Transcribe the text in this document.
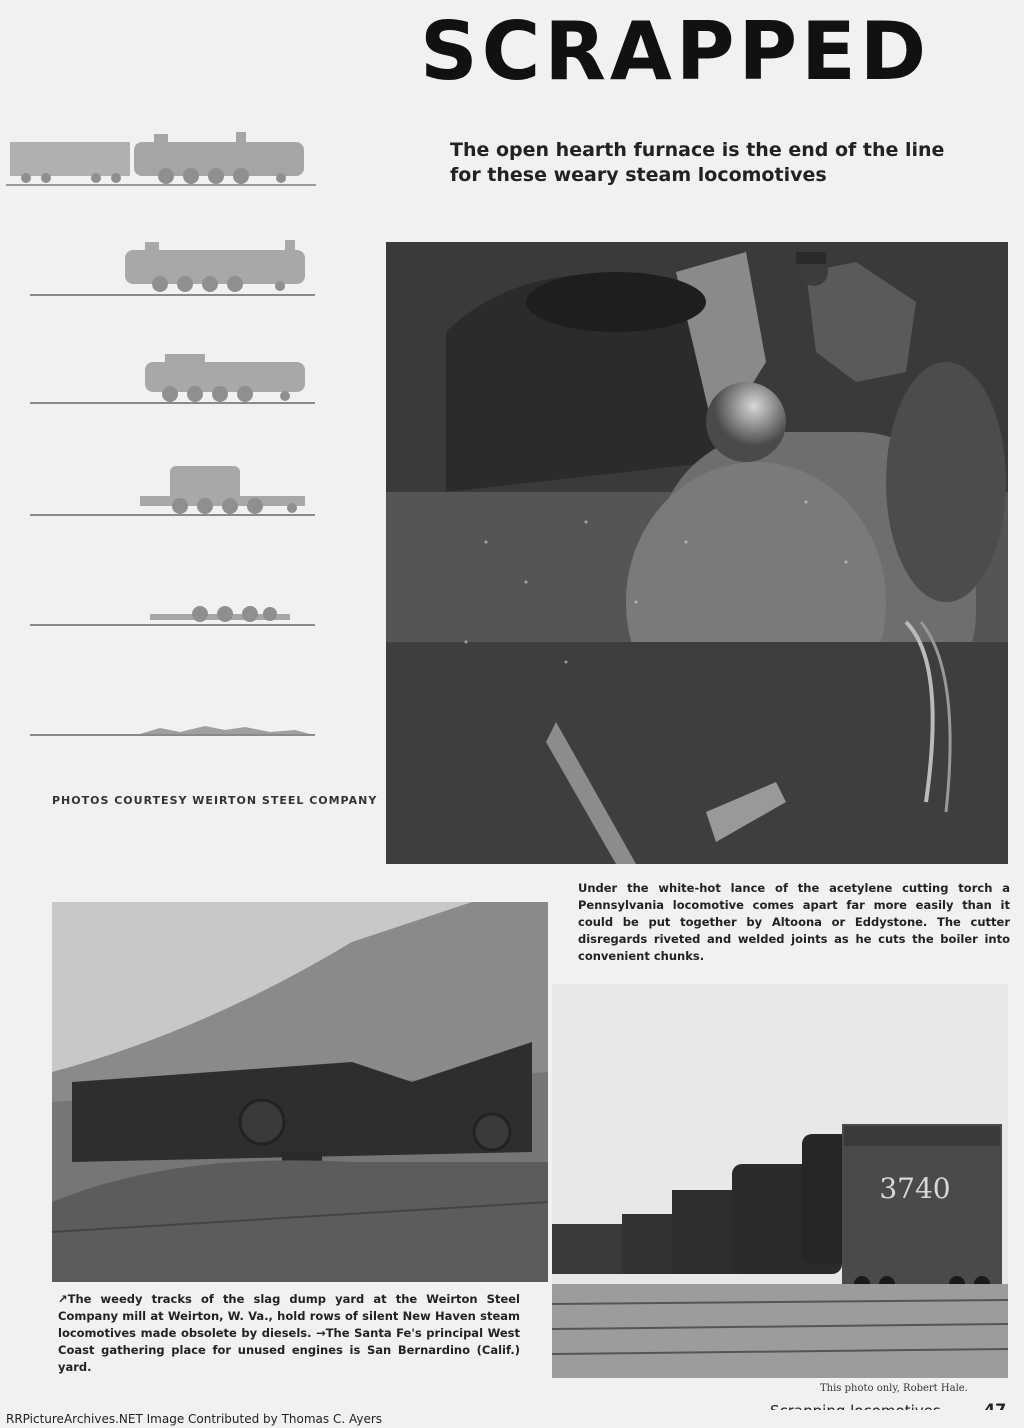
SCRAPPED
The open hearth furnace is the end of the line for these weary steam locomotives
PHOTOS COURTESY WEIRTON STEEL COMPANY
Under the white-hot lance of the acetylene cutting torch a Pennsylvania locomotive comes apart far more easily than it could be put together by Altoona or Eddystone. The cutter disregards riveted and welded joints as he cuts the boiler into convenient chunks.
3740
↗The weedy tracks of the slag dump yard at the Weirton Steel Company mill at Weirton, W. Va., hold rows of silent New Haven steam locomotives made obsolete by diesels. →The Santa Fe's principal West Coast gathering place for unused engines is San Bernardino (Calif.) yard.
This photo only, Robert Hale.
RRPictureArchives.NET Image Contributed by Thomas C. Ayers
